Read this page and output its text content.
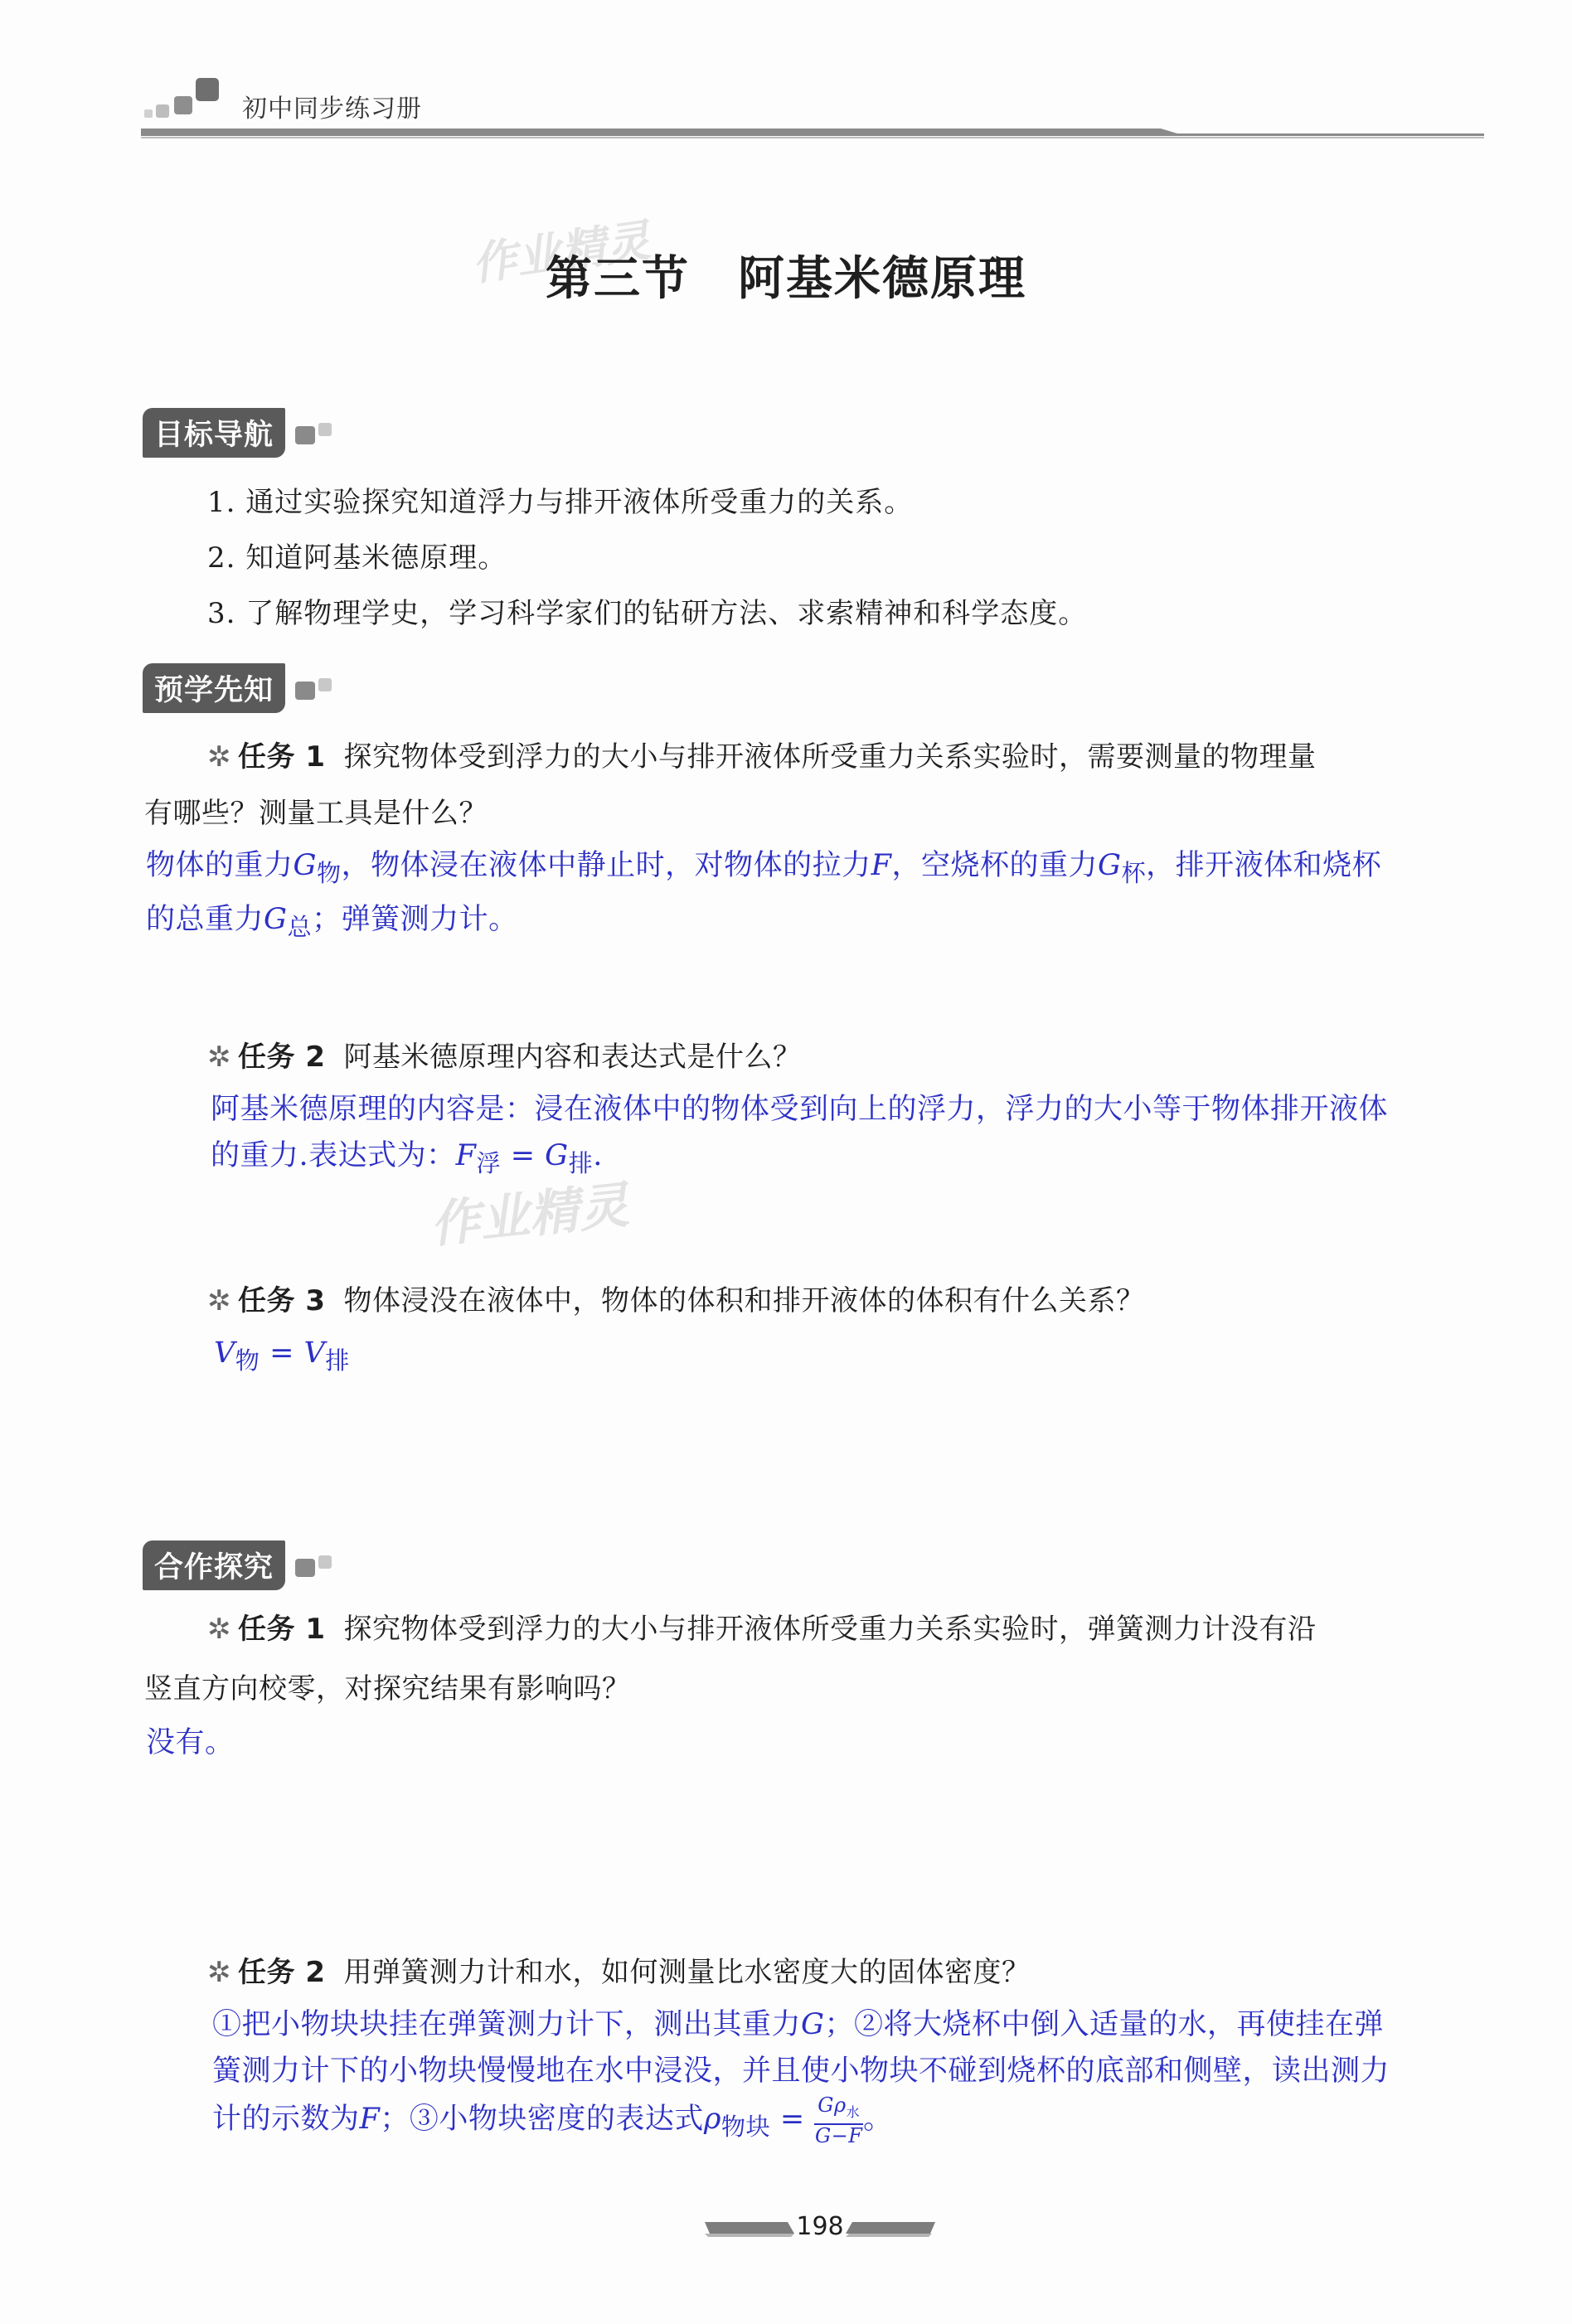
初中同步练习册
作业精灵
第三节　阿基米德原理
目标导航
1. 通过实验探究知道浮力与排开液体所受重力的关系。
2. 知道阿基米德原理。
3. 了解物理学史，学习科学家们的钻研方法、求索精神和科学态度。
预学先知
✲ 任务 1 探究物体受到浮力的大小与排开液体所受重力关系实验时，需要测量的物理量
有哪些？测量工具是什么？
物体的重力$G_物$，物体浸在液体中静止时，对物体的拉力F，空烧杯的重力$G_杯$，排开液体和烧杯
的总重力$G_总$；弹簧测力计。
✲ 任务 2 阿基米德原理内容和表达式是什么？
阿基米德原理的内容是：浸在液体中的物体受到向上的浮力，浮力的大小等于物体排开液体
的重力.表达式为：$F_浮 = G_排$.
作业精灵
✲ 任务 3 物体浸没在液体中，物体的体积和排开液体的体积有什么关系？
$V_物 = V_排$
合作探究
✲ 任务 1 探究物体受到浮力的大小与排开液体所受重力关系实验时，弹簧测力计没有沿
竖直方向校零，对探究结果有影响吗？
没有。
✲ 任务 2 用弹簧测力计和水，如何测量比水密度大的固体密度？
①把小物块块挂在弹簧测力计下，测出其重力G；②将大烧杯中倒入适量的水，再使挂在弹
簧测力计下的小物块慢慢地在水中浸没，并且使小物块不碰到烧杯的底部和侧壁，读出测力
计的示数为F；③小物块密度的表达式$\rho_{物块} = G\rho_水$
G−F 。
198
